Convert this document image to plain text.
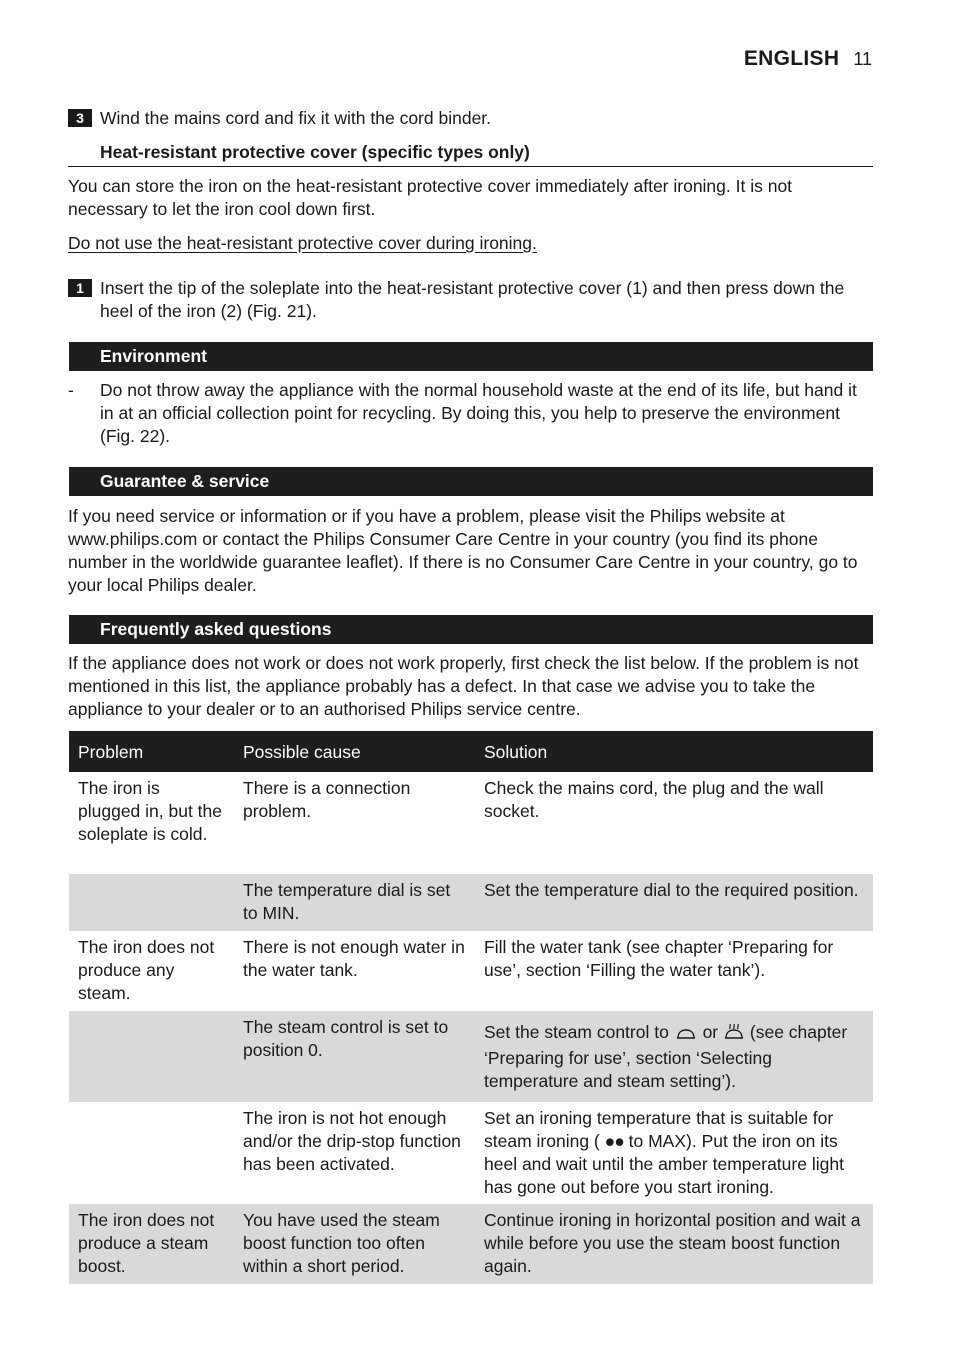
ENGLISH 11
3 Wind the mains cord and fix it with the cord binder.
Heat-resistant protective cover (specific types only)
You can store the iron on the heat-resistant protective cover immediately after ironing. It is not necessary to let the iron cool down first.
Do not use the heat-resistant protective cover during ironing.
1 Insert the tip of the soleplate into the heat-resistant protective cover (1) and then press down the heel of the iron (2) (Fig. 21).
Environment
-	Do not throw away the appliance with the normal household waste at the end of its life, but hand it in at an official collection point for recycling. By doing this, you help to preserve the environment (Fig. 22).
Guarantee & service
If you need service or information or if you have a problem, please visit the Philips website at www.philips.com or contact the Philips Consumer Care Centre in your country (you find its phone number in the worldwide guarantee leaflet). If there is no Consumer Care Centre in your country, go to your local Philips dealer.
Frequently asked questions
If the appliance does not work or does not work properly, first check the list below. If the problem is not mentioned in this list, the appliance probably has a defect. In that case we advise you to take the appliance to your dealer or to an authorised Philips service centre.
Problem	Possible cause	Solution
The iron is plugged in, but the soleplate is cold.	There is a connection problem.	Check the mains cord, the plug and the wall socket.
	The temperature dial is set to MIN.	Set the temperature dial to the required position.
The iron does not produce any steam.	There is not enough water in the water tank.	Fill the water tank (see chapter ‘Preparing for use’, section ‘Filling the water tank’).
	The steam control is set to position 0.	Set the steam control to or (see chapter ‘Preparing for use’, section ‘Selecting temperature and steam setting’).
	The iron is not hot enough and/or the drip-stop function has been activated.	Set an ironing temperature that is suitable for steam ironing ( ●● to MAX). Put the iron on its heel and wait until the amber temperature light has gone out before you start ironing.
The iron does not produce a steam boost.	You have used the steam boost function too often within a short period.	Continue ironing in horizontal position and wait a while before you use the steam boost function again.
